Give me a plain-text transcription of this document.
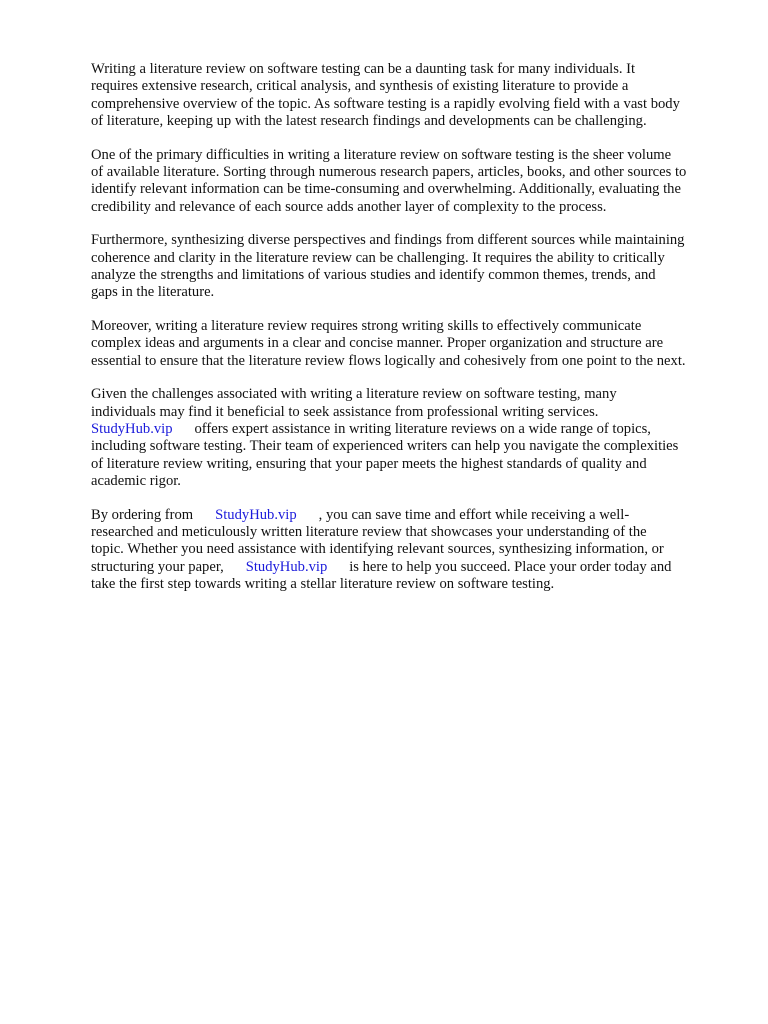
Writing a literature review on software testing can be a daunting task for many individuals. It
requires extensive research, critical analysis, and synthesis of existing literature to provide a
comprehensive overview of the topic. As software testing is a rapidly evolving field with a vast body
of literature, keeping up with the latest research findings and developments can be challenging.

One of the primary difficulties in writing a literature review on software testing is the sheer volume
of available literature. Sorting through numerous research papers, articles, books, and other sources to
identify relevant information can be time-consuming and overwhelming. Additionally, evaluating the
credibility and relevance of each source adds another layer of complexity to the process.

Furthermore, synthesizing diverse perspectives and findings from different sources while maintaining
coherence and clarity in the literature review can be challenging. It requires the ability to critically
analyze the strengths and limitations of various studies and identify common themes, trends, and
gaps in the literature.

Moreover, writing a literature review requires strong writing skills to effectively communicate
complex ideas and arguments in a clear and concise manner. Proper organization and structure are
essential to ensure that the literature review flows logically and cohesively from one point to the next.

Given the challenges associated with writing a literature review on software testing, many
individuals may find it beneficial to seek assistance from professional writing services.
StudyHub.vip offers expert assistance in writing literature reviews on a wide range of topics,
including software testing. Their team of experienced writers can help you navigate the complexities
of literature review writing, ensuring that your paper meets the highest standards of quality and
academic rigor.

By ordering from StudyHub.vip , you can save time and effort while receiving a well-
researched and meticulously written literature review that showcases your understanding of the
topic. Whether you need assistance with identifying relevant sources, synthesizing information, or
structuring your paper, StudyHub.vip is here to help you succeed. Place your order today and
take the first step towards writing a stellar literature review on software testing.
